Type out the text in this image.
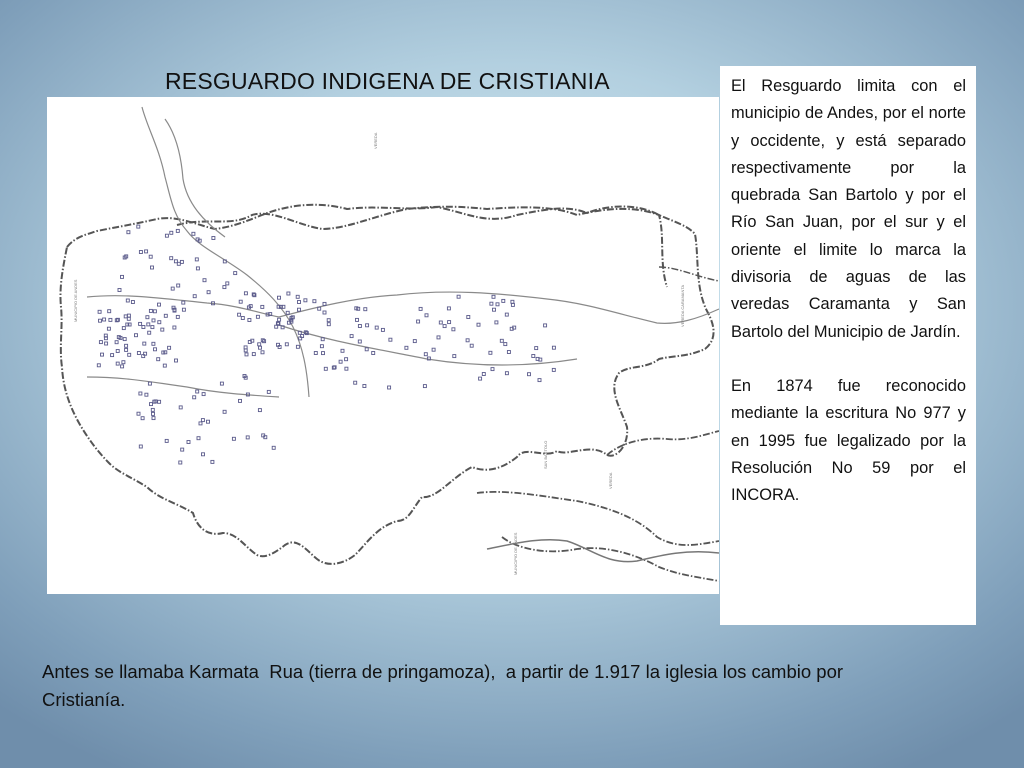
RESGUARDO INDIGENA DE CRISTIANIA
MUNICIPIO DE ANDES
VEREDA
MUNICIPIO DE ANDES
VEREDA CARAMANTA
SAN BARTOLO
VEREDA

El Resguardo limita con el municipio de Andes, por el norte y occidente, y está separado respectivamente por la quebrada San Bartolo y por el Río San Juan, por el sur y el oriente el limite lo marca la divisoria de aguas de las veredas Caramanta y San Bartolo del Municipio de Jardín.

En 1874 fue reconocido mediante la escritura No 977 y en 1995 fue legalizado por la Resolución No 59 por el INCORA.

Antes se llamaba Karmata  Rua (tierra de pringamoza),  a partir de 1.917 la iglesia los cambio por Cristianía.
